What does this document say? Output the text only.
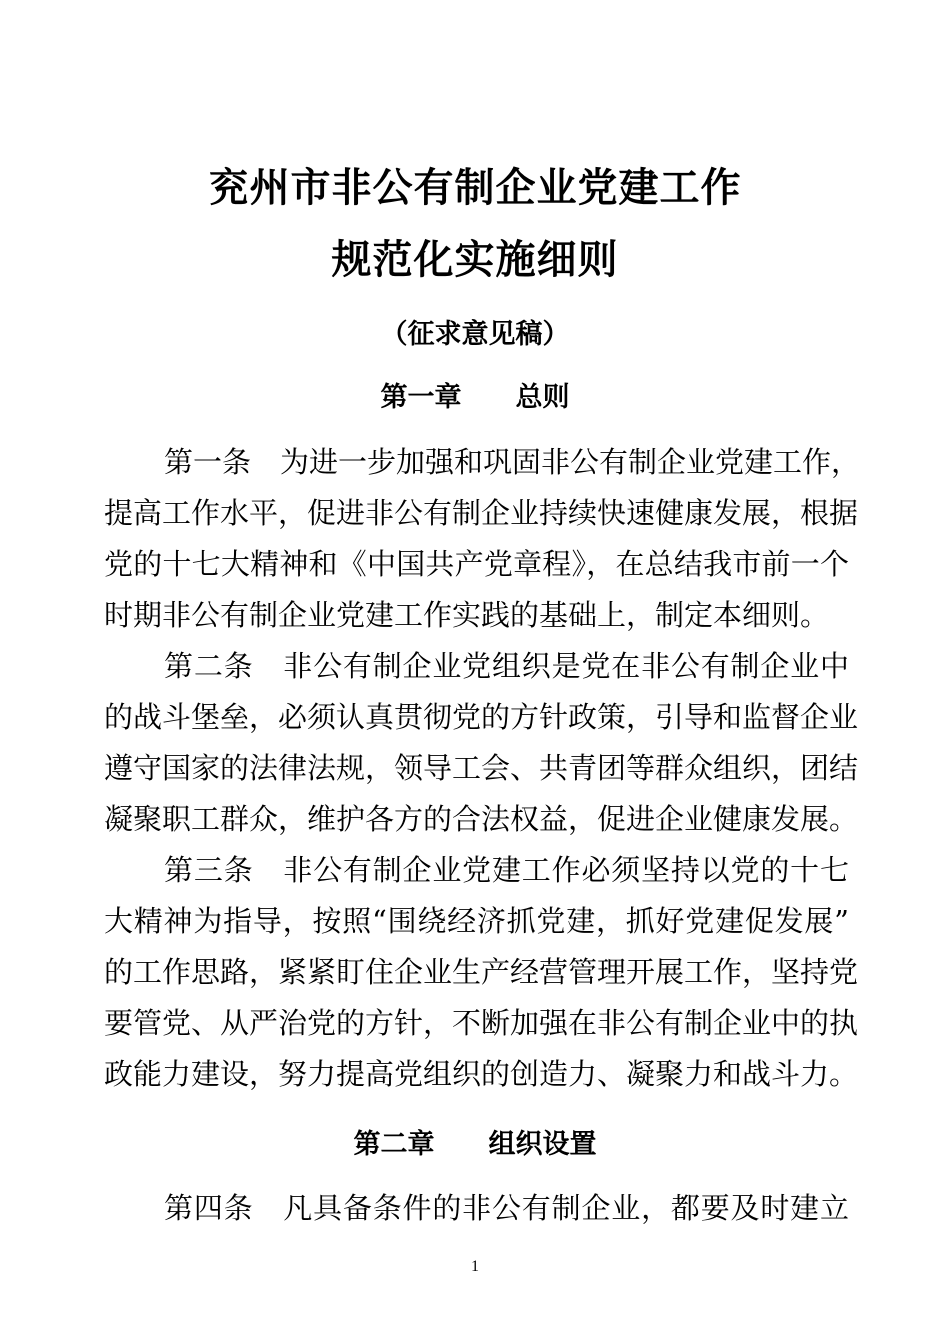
兖州市非公有制企业党建工作
规范化实施细则
（征求意见稿）
第一章　　总则
第一条　为进一步加强和巩固非公有制企业党建工作，
提高工作水平，促进非公有制企业持续快速健康发展，根据
党的十七大精神和《中国共产党章程》，在总结我市前一个
时期非公有制企业党建工作实践的基础上，制定本细则。
第二条　非公有制企业党组织是党在非公有制企业中
的战斗堡垒，必须认真贯彻党的方针政策，引导和监督企业
遵守国家的法律法规，领导工会、共青团等群众组织，团结
凝聚职工群众，维护各方的合法权益，促进企业健康发展。
第三条　非公有制企业党建工作必须坚持以党的十七
大精神为指导，按照“围绕经济抓党建，抓好党建促发展”
的工作思路，紧紧盯住企业生产经营管理开展工作，坚持党
要管党、从严治党的方针，不断加强在非公有制企业中的执
政能力建设，努力提高党组织的创造力、凝聚力和战斗力。
第二章　　组织设置
第四条　凡具备条件的非公有制企业，都要及时建立
1
